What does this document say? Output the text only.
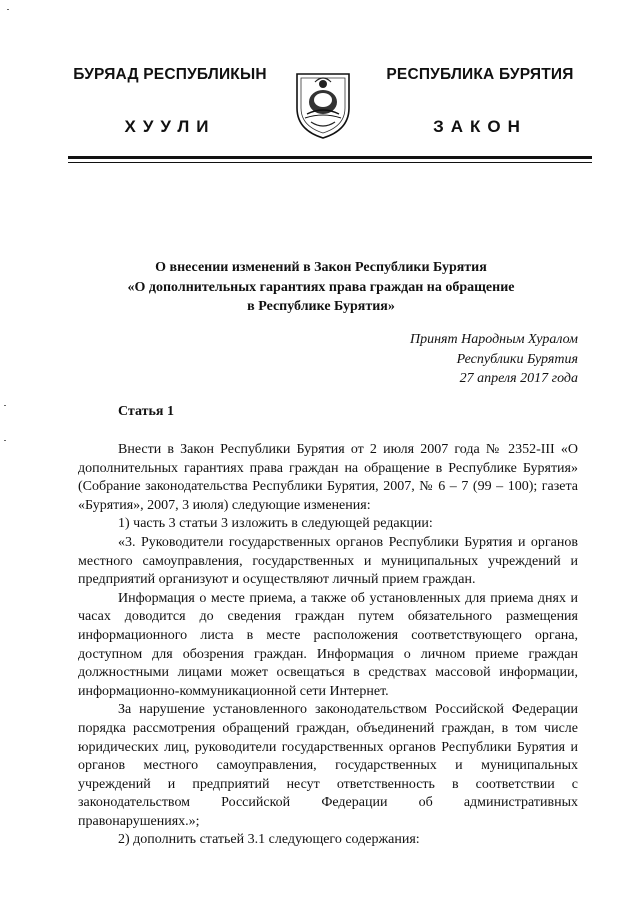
БУРЯАД РЕСПУБЛИКЫН
ХУУЛИ
РЕСПУБЛИКА БУРЯТИЯ
ЗАКОН
О внесении изменений в Закон Республики Бурятия
«О дополнительных гарантиях права граждан на обращение
в Республике Бурятия»
Принят Народным Хуралом
Республики Бурятия
27 апреля 2017 года
Статья 1

Внести в Закон Республики Бурятия от 2 июля 2007 года № 2352-III «О дополнительных гарантиях права граждан на обращение в Республике Бурятия» (Собрание законодательства Республики Бурятия, 2007, № 6 – 7 (99 – 100); газета «Бурятия», 2007, 3 июля) следующие изменения:

1) часть 3 статьи 3 изложить в следующей редакции:

«3. Руководители государственных органов Республики Бурятия и органов местного самоуправления, государственных и муниципальных учреждений и предприятий организуют и осуществляют личный прием граждан.

Информация о месте приема, а также об установленных для приема днях и часах доводится до сведения граждан путем обязательного размещения информационного листа в месте расположения соответствующего органа, доступном для обозрения граждан. Информация о личном приеме граждан должностными лицами может освещаться в средствах массовой информации, информационно-коммуникационной сети Интернет.

За нарушение установленного законодательством Российской Федерации порядка рассмотрения обращений граждан, объединений граждан, в том числе юридических лиц, руководители государственных органов Республики Бурятия и органов местного самоуправления, государственных и муниципальных учреждений и предприятий несут ответственность в соответствии с законодательством Российской Федерации об административных правонарушениях.»;

2) дополнить статьей 3.1 следующего содержания:
